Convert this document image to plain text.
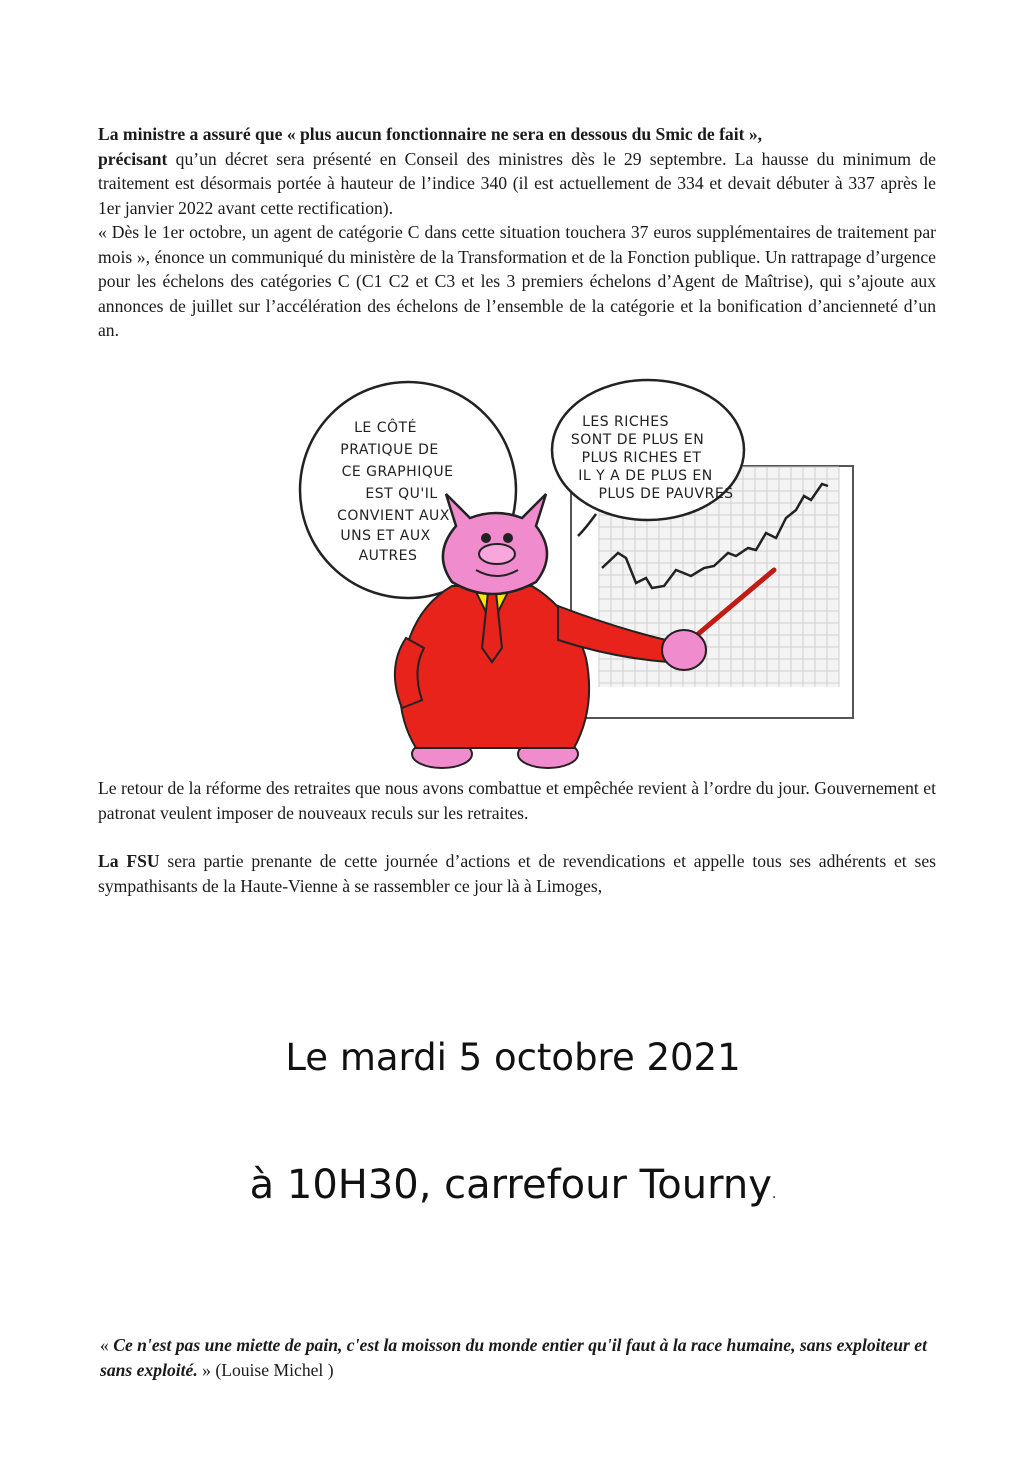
La ministre a assuré que « plus aucun fonctionnaire ne sera en dessous du Smic de fait »,
précisant qu’un décret sera présenté en Conseil des ministres dès le 29 septembre. La hausse du minimum de traitement est désormais portée à hauteur de l’indice 340 (il est actuellement de 334 et devait débuter à 337 après le 1er janvier 2022 avant cette rectification).

« Dès le 1er octobre, un agent de catégorie C dans cette situation touchera 37 euros supplémentaires de traitement par mois », énonce un communiqué du ministère de la Transformation et de la Fonction publique. Un rattrapage d’urgence pour les échelons des catégories C (C1 C2 et C3 et les 3 premiers échelons d’Agent de Maîtrise), qui s’ajoute aux annonces de juillet sur l’accélération des échelons de l’ensemble de la catégorie et la bonification d’ancienneté d’un an.

LE CÔTÉ PRATIQUE DE CE GRAPHIQUE EST QU'IL CONVIENT AUX UNS ET AUX AUTRES
LES RICHES SONT DE PLUS EN PLUS RICHES ET IL Y A DE PLUS EN PLUS DE PAUVRES

Le retour de la réforme des retraites que nous avons combattue et empêchée revient à l’ordre du jour. Gouvernement et patronat veulent imposer de nouveaux reculs sur les retraites.

La FSU sera partie prenante de cette journée d’actions et de revendications et appelle tous ses adhérents et ses sympathisants de la Haute-Vienne à se rassembler ce jour là à Limoges,

Le mardi 5 octobre 2021
à 10H30, carrefour Tourny.

« Ce n'est pas une miette de pain, c'est la moisson du monde entier qu'il faut à la race humaine, sans exploiteur et sans exploité. » (Louise Michel )
